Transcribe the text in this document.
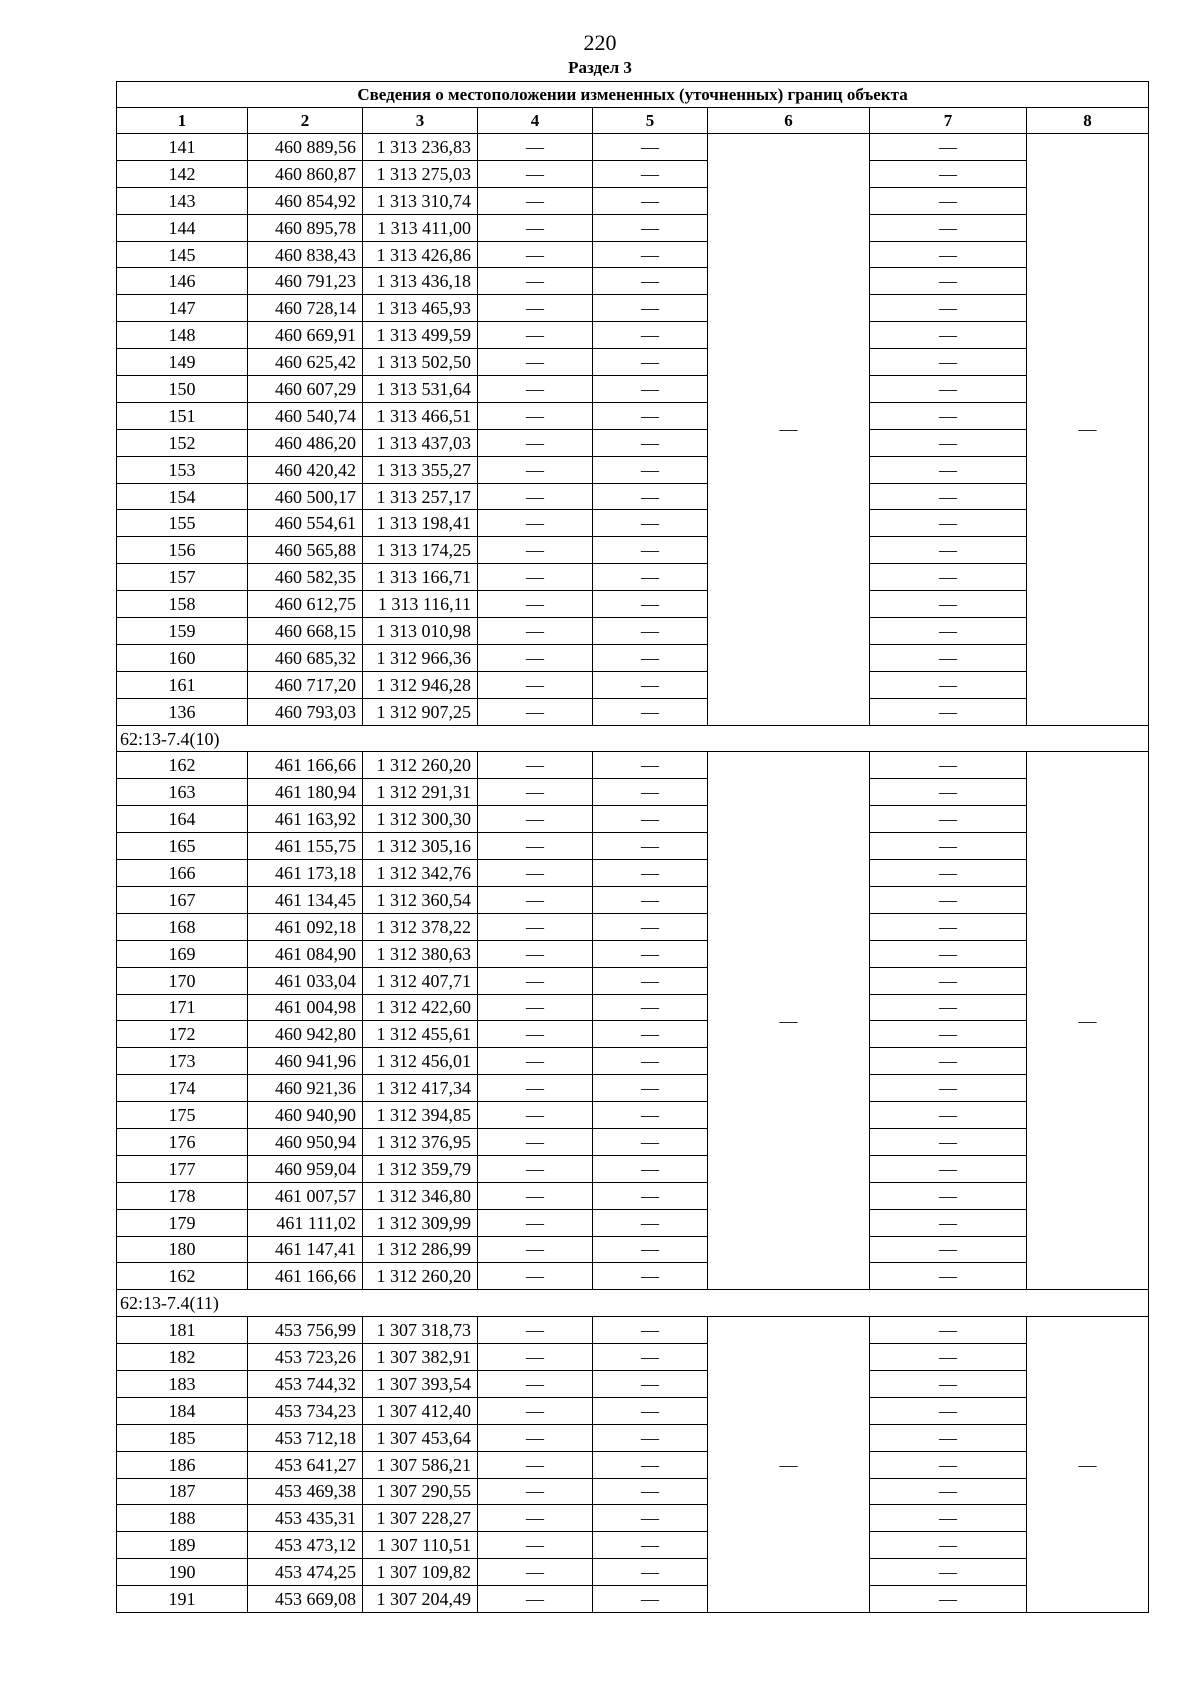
220
Раздел 3
Сведения о местоположении измененных (уточненных) границ объекта							
1	2	3	4	5	6	7	8
141	460 889,56	1 313 236,83	—	—	—	—	—
142	460 860,87	1 313 275,03	—	—		—	
143	460 854,92	1 313 310,74	—	—		—	
144	460 895,78	1 313 411,00	—	—		—	
145	460 838,43	1 313 426,86	—	—		—	
146	460 791,23	1 313 436,18	—	—		—	
147	460 728,14	1 313 465,93	—	—		—	
148	460 669,91	1 313 499,59	—	—		—	
149	460 625,42	1 313 502,50	—	—		—	
150	460 607,29	1 313 531,64	—	—		—	
151	460 540,74	1 313 466,51	—	—		—	
152	460 486,20	1 313 437,03	—	—		—	
153	460 420,42	1 313 355,27	—	—		—	
154	460 500,17	1 313 257,17	—	—		—	
155	460 554,61	1 313 198,41	—	—		—	
156	460 565,88	1 313 174,25	—	—		—	
157	460 582,35	1 313 166,71	—	—		—	
158	460 612,75	1 313 116,11	—	—		—	
159	460 668,15	1 313 010,98	—	—		—	
160	460 685,32	1 312 966,36	—	—		—	
161	460 717,20	1 312 946,28	—	—		—	
136	460 793,03	1 312 907,25	—	—		—	
62:13-7.4(10)							
162	461 166,66	1 312 260,20	—	—	—	—	—
163	461 180,94	1 312 291,31	—	—		—	
164	461 163,92	1 312 300,30	—	—		—	
165	461 155,75	1 312 305,16	—	—		—	
166	461 173,18	1 312 342,76	—	—		—	
167	461 134,45	1 312 360,54	—	—		—	
168	461 092,18	1 312 378,22	—	—		—	
169	461 084,90	1 312 380,63	—	—		—	
170	461 033,04	1 312 407,71	—	—		—	
171	461 004,98	1 312 422,60	—	—		—	
172	460 942,80	1 312 455,61	—	—		—	
173	460 941,96	1 312 456,01	—	—		—	
174	460 921,36	1 312 417,34	—	—		—	
175	460 940,90	1 312 394,85	—	—		—	
176	460 950,94	1 312 376,95	—	—		—	
177	460 959,04	1 312 359,79	—	—		—	
178	461 007,57	1 312 346,80	—	—		—	
179	461 111,02	1 312 309,99	—	—		—	
180	461 147,41	1 312 286,99	—	—		—	
162	461 166,66	1 312 260,20	—	—		—	
62:13-7.4(11)							
181	453 756,99	1 307 318,73	—	—	—	—	—
182	453 723,26	1 307 382,91	—	—		—	
183	453 744,32	1 307 393,54	—	—		—	
184	453 734,23	1 307 412,40	—	—		—	
185	453 712,18	1 307 453,64	—	—		—	
186	453 641,27	1 307 586,21	—	—		—	
187	453 469,38	1 307 290,55	—	—		—	
188	453 435,31	1 307 228,27	—	—		—	
189	453 473,12	1 307 110,51	—	—		—	
190	453 474,25	1 307 109,82	—	—		—	
191	453 669,08	1 307 204,49	—	—		—	
